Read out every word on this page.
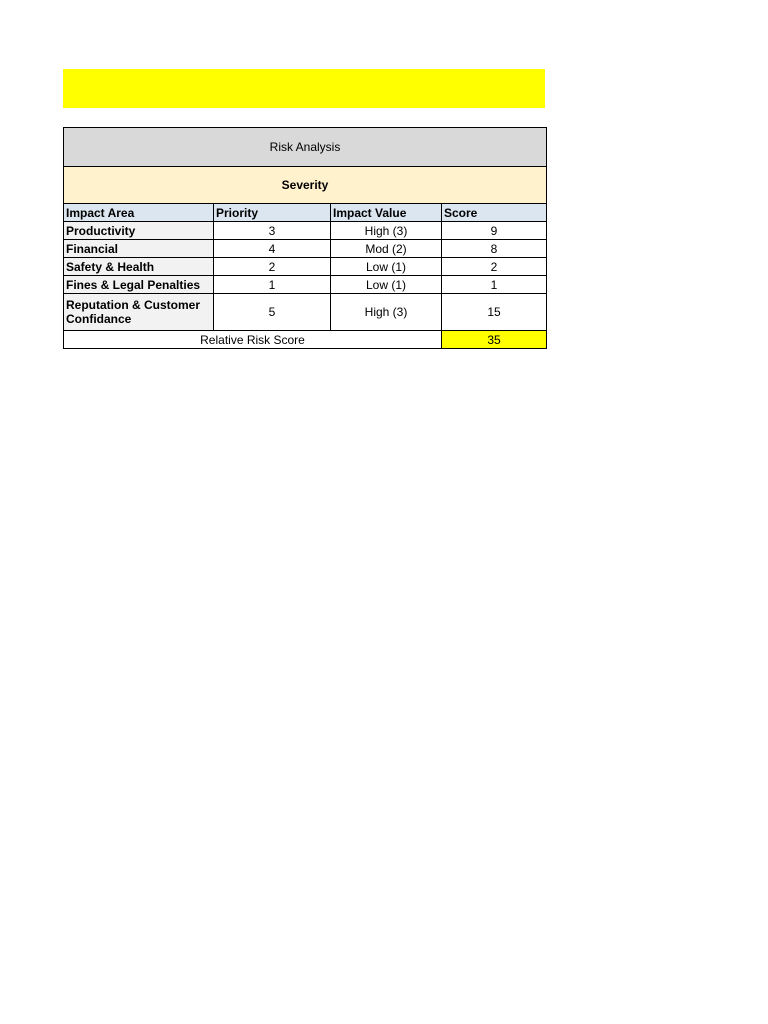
Risk Analysis			
Severity			
Impact Area	Priority	Impact Value	Score
Productivity	3	High (3)	9
Financial	4	Mod (2)	8
Safety & Health	2	Low (1)	2
Fines & Legal Penalties	1	Low (1)	1
Reputation & Customer Confidance	5	High (3)	15
Relative Risk Score			35
